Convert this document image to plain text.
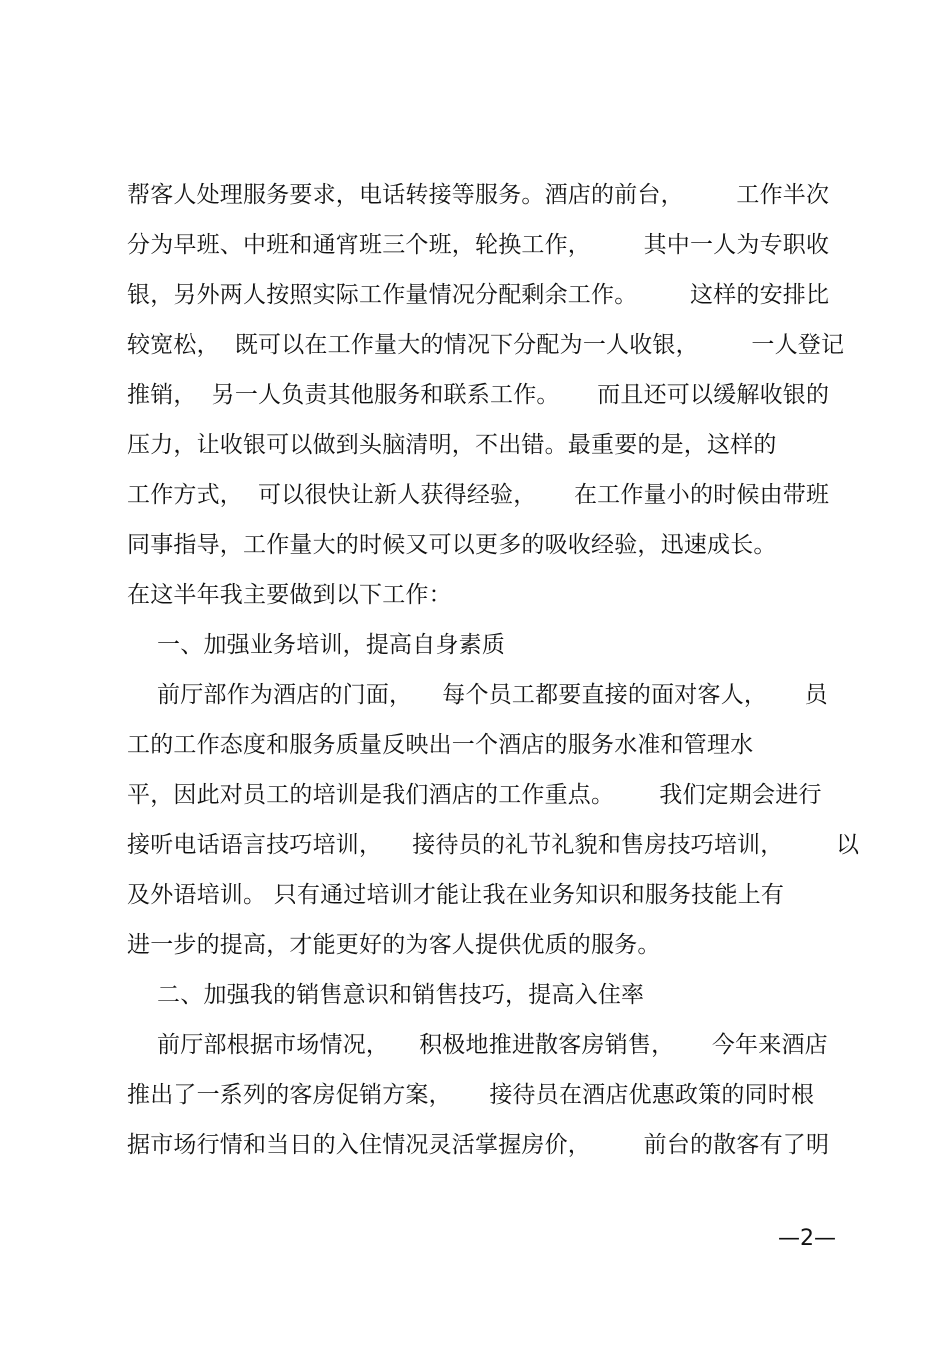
帮客人处理服务要求，电话转接等服务。酒店的前台，       工作半次
分为早班、中班和通宵班三个班，轮换工作，       其中一人为专职收
银，另外两人按照实际工作量情况分配剩余工作。       这样的安排比
较宽松，  既可以在工作量大的情况下分配为一人收银，       一人登记
推销，  另一人负责其他服务和联系工作。     而且还可以缓解收银的
压力，让收银可以做到头脑清明，不出错。最重要的是，这样的
工作方式，  可以很快让新人获得经验，     在工作量小的时候由带班
同事指导，工作量大的时候又可以更多的吸收经验，迅速成长。
在这半年我主要做到以下工作：
一、加强业务培训，提高自身素质
前厅部作为酒店的门面，    每个员工都要直接的面对客人，     员
工的工作态度和服务质量反映出一个酒店的服务水准和管理水
平，因此对员工的培训是我们酒店的工作重点。      我们定期会进行
接听电话语言技巧培训，    接待员的礼节礼貌和售房技巧培训，       以
及外语培训。 只有通过培训才能让我在业务知识和服务技能上有
进一步的提高，才能更好的为客人提供优质的服务。
二、加强我的销售意识和销售技巧，提高入住率
前厅部根据市场情况，    积极地推进散客房销售，     今年来酒店
推出了一系列的客房促销方案，     接待员在酒店优惠政策的同时根
据市场行情和当日的入住情况灵活掌握房价，       前台的散客有了明
—2—
